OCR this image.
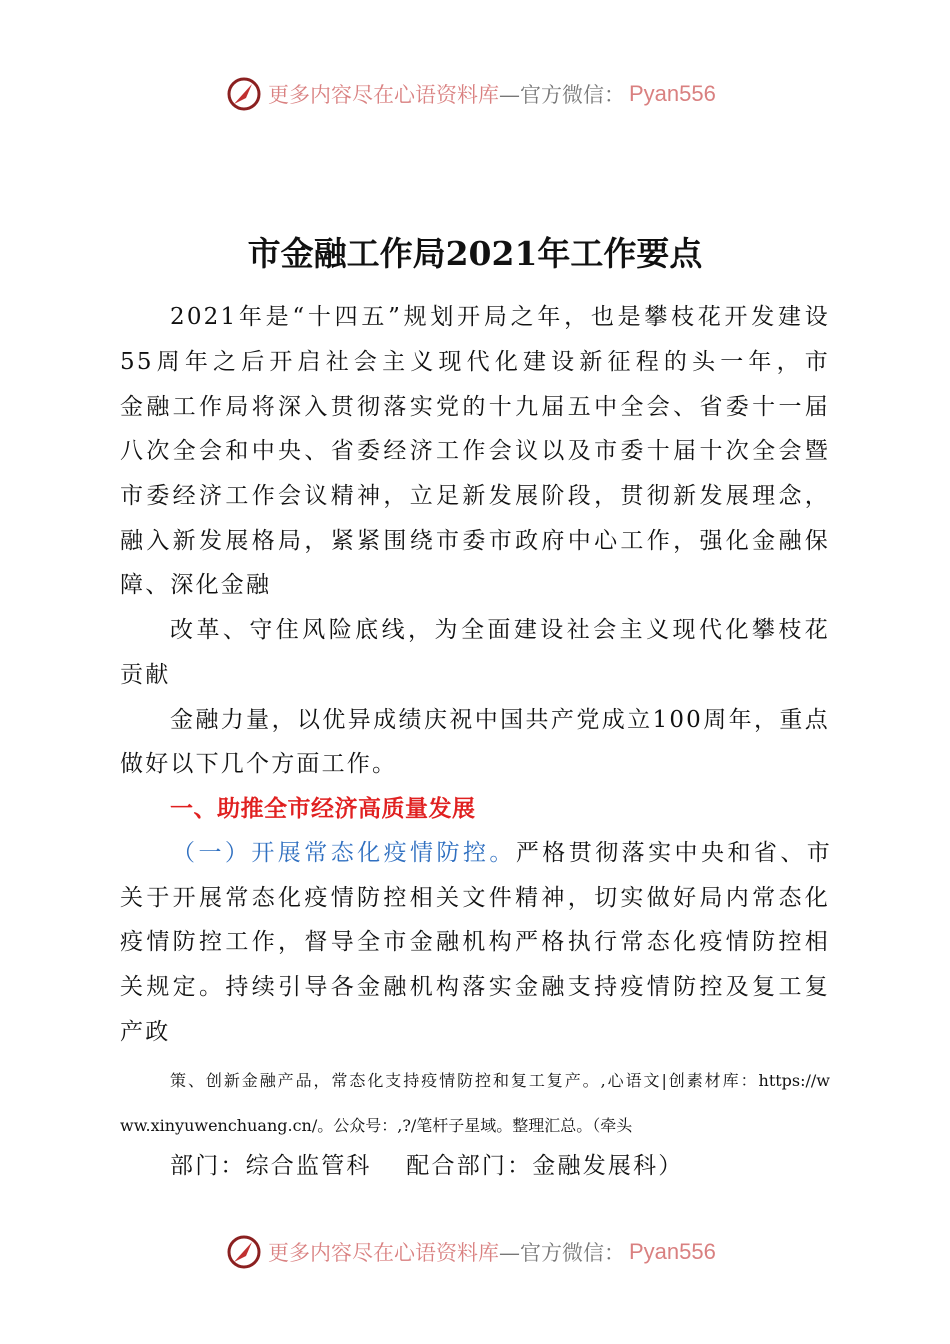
更多内容尽在心语资料库 —官方微信： Pyan556
市金融工作局2021年工作要点
2021年是“十四五”规划开局之年，也是攀枝花开发建设
55周年之后开启社会主义现代化建设新征程的头一年，市
金融工作局将深入贯彻落实党的十九届五中全会、省委十一届
八次全会和中央、省委经济工作会议以及市委十届十次全会暨
市委经济工作会议精神，立足新发展阶段，贯彻新发展理念，
融入新发展格局，紧紧围绕市委市政府中心工作，强化金融保
障、深化金融
改革、守住风险底线，为全面建设社会主义现代化攀枝花
贡献
金融力量，以优异成绩庆祝中国共产党成立100周年，重点
做好以下几个方面工作。
一、助推全市经济高质量发展
（一）开展常态化疫情防控。严格贯彻落实中央和省、市
关于开展常态化疫情防控相关文件精神，切实做好局内常态化
疫情防控工作，督导全市金融机构严格执行常态化疫情防控相
关规定。持续引导各金融机构落实金融支持疫情防控及复工复
产政
策、创新金融产品，常态化支持疫情防控和复工复产。,心语文|创素材库：https://w
ww.xinyuwenchuang.cn/。公众号：,?/笔杆子星域。整理汇总。（牵头
部门：综合监管科　 配合部门：金融发展科）
更多内容尽在心语资料库 —官方微信： Pyan556
